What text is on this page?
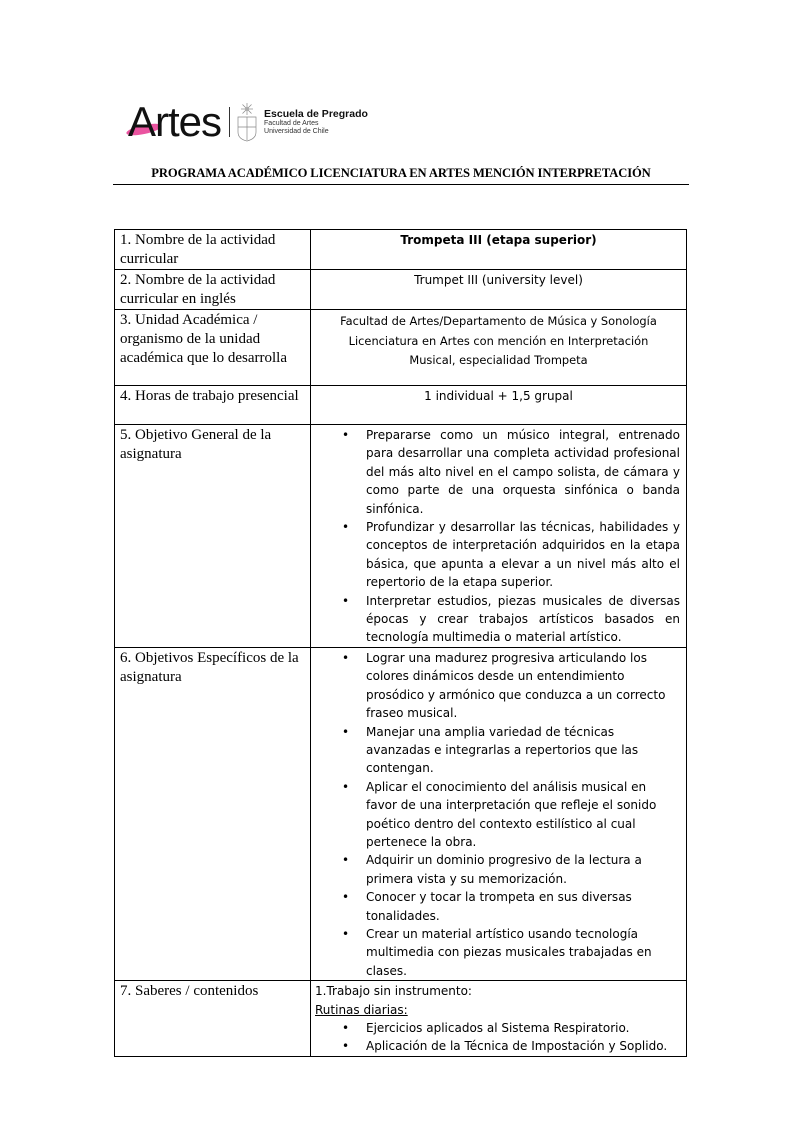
Artes	Escuela de Pregrado
Facultad de Artes
Universidad de Chile
PROGRAMA ACADÉMICO LICENCIATURA EN ARTES MENCIÓN INTERPRETACIÓN
1. Nombre de la actividad curricular	Trompeta III (etapa superior)
2. Nombre de la actividad curricular en inglés	Trumpet III (university level)
3. Unidad Académica / organismo de la unidad académica que lo desarrolla	Facultad de Artes/Departamento de Música y Sonología
Licenciatura en Artes con mención en Interpretación
Musical, especialidad Trompeta

4. Horas de trabajo presencial	1 individual + 1,5 grupal
5. Objetivo General de la asignatura	
• Prepararse como un músico integral, entrenado para desarrollar una completa actividad profesional del más alto nivel en el campo solista, de cámara y como parte de una orquesta sinfónica o banda sinfónica.
• Profundizar y desarrollar las técnicas, habilidades y conceptos de interpretación adquiridos en la etapa básica, que apunta a elevar a un nivel más alto el repertorio de la etapa superior.
• Interpretar estudios, piezas musicales de diversas épocas y crear trabajos artísticos basados en tecnología multimedia o material artístico.

6. Objetivos Específicos de la asignatura	
• Lograr una madurez progresiva articulando los colores dinámicos desde un entendimiento prosódico y armónico que conduzca a un correcto fraseo musical.
• Manejar una amplia variedad de técnicas avanzadas e integrarlas a repertorios que las contengan.
• Aplicar el conocimiento del análisis musical en favor de una interpretación que refleje el sonido poético dentro del contexto estilístico al cual pertenece la obra.
• Adquirir un dominio progresivo de la lectura a primera vista y su memorización.
• Conocer y tocar la trompeta en sus diversas tonalidades.
• Crear un material artístico usando tecnología multimedia con piezas musicales trabajadas en clases.

7. Saberes / contenidos	1.Trabajo sin instrumento:
Rutinas diarias:
• Ejercicios aplicados al Sistema Respiratorio.
• Aplicación de la Técnica de Impostación y Soplido.
